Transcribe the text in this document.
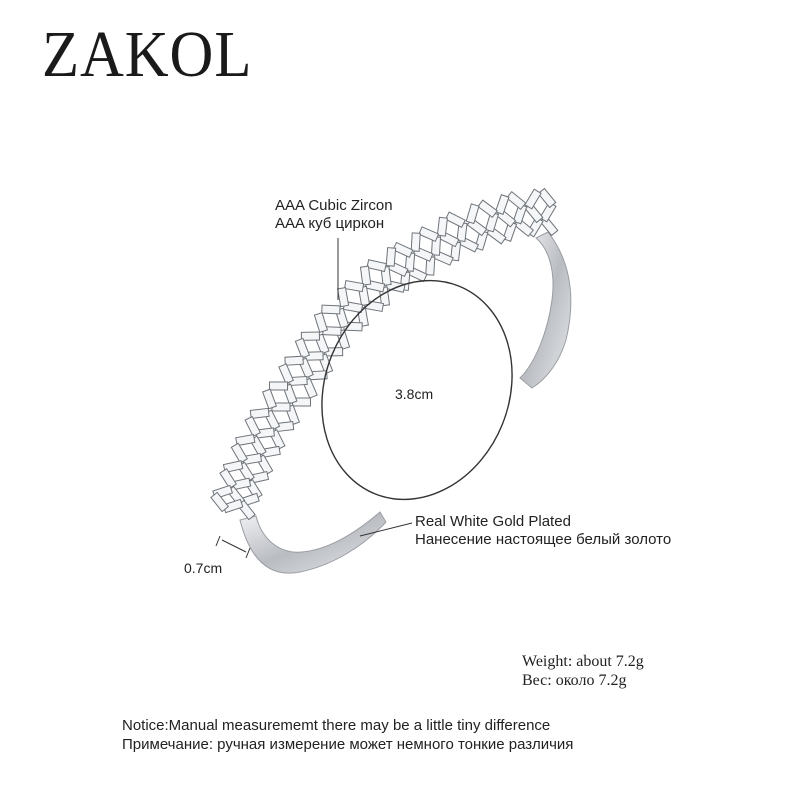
ZAKOL
3.8cm
0.7cm
AAA Cubic Zircon
AAA куб циркон
Real White Gold Plated
Нанесение настоящее белый золото
Weight: about 7.2g
Вес: около 7.2g
Notice:Manual measurememt there may be a little tiny difference
Примечание: ручная измерение может немного тонкие различия
